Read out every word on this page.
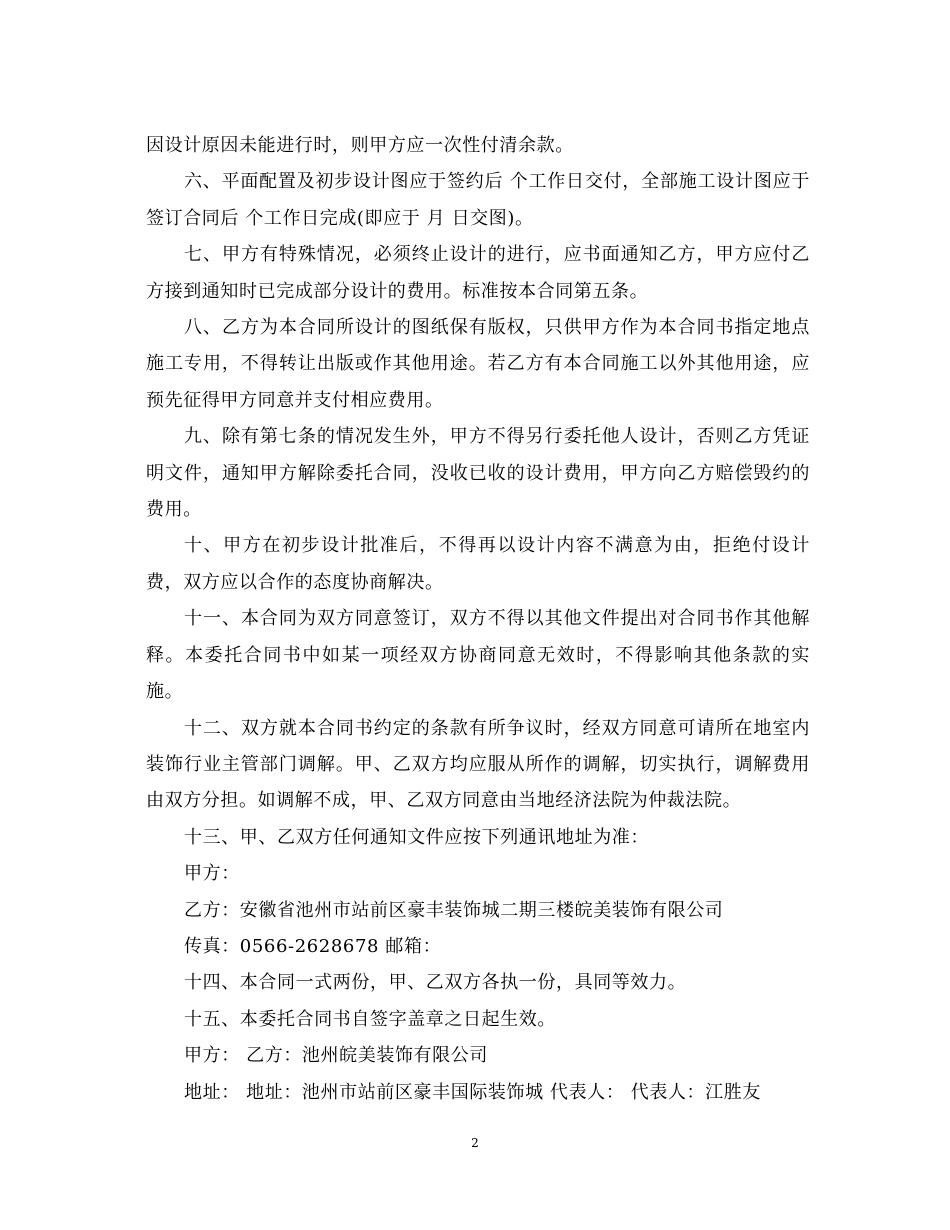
因设计原因未能进行时，则甲方应一次性付清余款。

六、平面配置及初步设计图应于签约后 个工作日交付，全部施工设计图应于签订合同后 个工作日完成(即应于 月 日交图)。

七、甲方有特殊情况，必须终止设计的进行，应书面通知乙方，甲方应付乙方接到通知时已完成部分设计的费用。标准按本合同第五条。

八、乙方为本合同所设计的图纸保有版权，只供甲方作为本合同书指定地点施工专用，不得转让出版或作其他用途。若乙方有本合同施工以外其他用途，应预先征得甲方同意并支付相应费用。

九、除有第七条的情况发生外，甲方不得另行委托他人设计，否则乙方凭证明文件，通知甲方解除委托合同，没收已收的设计费用，甲方向乙方赔偿毁约的费用。

十、甲方在初步设计批准后，不得再以设计内容不满意为由，拒绝付设计费，双方应以合作的态度协商解决。

十一、本合同为双方同意签订，双方不得以其他文件提出对合同书作其他解释。本委托合同书中如某一项经双方协商同意无效时，不得影响其他条款的实施。

十二、双方就本合同书约定的条款有所争议时，经双方同意可请所在地室内装饰行业主管部门调解。甲、乙双方均应服从所作的调解，切实执行，调解费用由双方分担。如调解不成，甲、乙双方同意由当地经济法院为仲裁法院。

十三、甲、乙双方任何通知文件应按下列通讯地址为准：

甲方：

乙方：安徽省池州市站前区豪丰装饰城二期三楼皖美装饰有限公司

传真：0566-2628678 邮箱：

十四、本合同一式两份，甲、乙双方各执一份，具同等效力。

十五、本委托合同书自签字盖章之日起生效。

甲方： 乙方：池州皖美装饰有限公司

地址： 地址：池州市站前区豪丰国际装饰城 代表人： 代表人：江胜友

2
